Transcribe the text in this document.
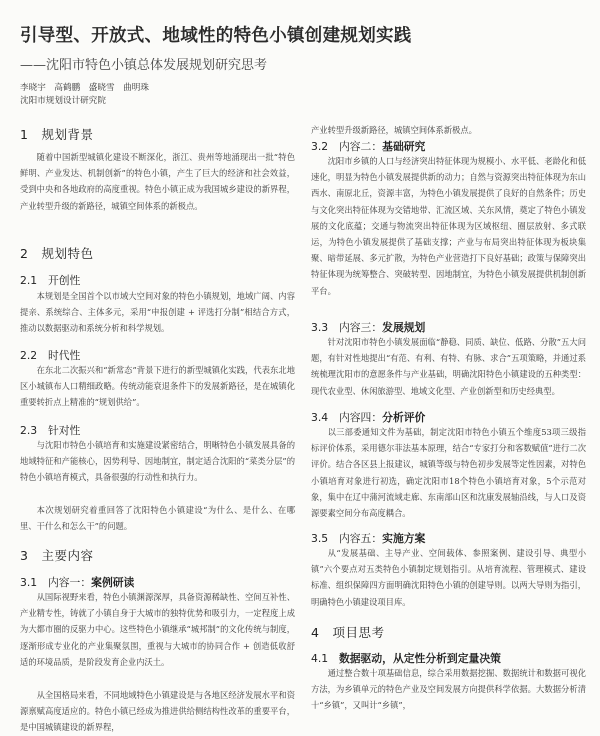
引导型、开放式、地域性的特色小镇创建规划实践
——沈阳市特色小镇总体发展规划研究思考
李晓宇　高鹤鹏　盛晓雪　曲明珠
沈阳市规划设计研究院
1　规划背景
随着中国新型城镇化建设不断深化，浙江、贵州等地涌现出一批“特色鲜明、产业发达、机制创新”的特色小镇，产生了巨大的经济和社会效益，受到中央和各地政府的高度重视。特色小镇正成为我国城乡建设的新界程，产业转型升级的新路径，城镇空间体系的新极点。
2　规划特色
2.1　开创性
本规划是全国首个以市域大空间对象的特色小镇规划，地域广阔、内容提亲、系统综合、主体多元，采用“申报创建 + 评选打分制”相结合方式，推动以数据驱动和系统分析和科学规划。
2.2　时代性
在东北二次振兴和“新常态”背景下进行的新型城镇化实践，代表东北地区小城镇布人口精细政略。传统动能衰退条件下的发展新路径，是在城镇化重要转折点上精准的“规划供给”。
2.3　针对性
与沈阳市特色小镇培育和实施建设紧密结合，明晰特色小镇发展具备的地域特征和产能核心，因势利导、因地制宜，制定适合沈阳的“菜类分层”的特色小镇培育模式，具备很强的行动性和执行力。
本次规划研究着重回答了沈阳特色小镇建设“为什么、是什么、在哪里、干什么和怎么干”的问题。
3　主要内容
3.1　内容一：案例研读
从国际视野来看，特色小镇渊源深厚，具备资源稀缺性、空间互补性、产业精专性，铸就了小镇自身于大城市的独特优势和吸引力，一定程度上成为大都市圈的反驱力中心。这些特色小镇继承“城邦制”的文化传统与制度，逐渐形成专业化的产业集聚氛围，重视与大城市的协同合作 + 创造低收舒适的环境品质，是阶段发育企业内沃土。
从全国格局来看，不同地域特色小镇建设是与各地区经济发展水平和资源禀赋高度适应的。特色小镇已经成为推进供给侧结构性改革的重要平台，是中国城镇建设的新界程，
产业转型升级新路径，城镇空间体系新极点。
3.2　内容二：基础研究
沈阳市乡镇的人口与经济突出特征体现为规模小、水平低、老龄化和低速化，明显为特色小镇发展提供新的动力；自然与资源突出特征体现为东山西水、南原北丘，资源丰富，为特色小镇发展提供了良好的自然条件；历史与文化突出特征体现为交错地带、汇流区域、关东风情，奠定了特色小镇发展的文化底蕴；交通与物流突出特征体现为区域枢纽、圈层放射、多式联运，为特色小镇发展提供了基础支撑；产业与布局突出特征体现为板块集聚、暗带延展、多元扩散，为特色产业营造打下良好基础；政策与保障突出特征体现为统筹整合、突破转型、因地制宜，为特色小镇发展提供机制创新平台。
3.3　内容三：发展规划
针对沈阳市特色小镇发展面临“静稳、同质、缺位、低路、分散”五大问题，有针对性地提出“有范、有利、有特、有脉、求合”五项策略，并通过系统梳理沈阳市的意愿条件与产业基础，明确沈阳特色小镇建设的五种类型：现代农业型、休闲旅游型、地域文化型、产业创新型和历史经典型。
3.4　内容四：分析评价
以三部委通知文件为基础，制定沈阳市特色小镇五个维度53项三级指标评价体系，采用德尔菲法基本原理，结合“专家打分和客数赋值”进行二次评价。结合各区县上报建议，城镇等级与特色初步发展等定性因素，对特色小镇培育对象进行初选，确定沈阳市18个特色小镇培育对象，5个示范对象，集中在辽中蒲河流域走廊、东南部山区和沈康发展轴沿线，与人口及资源要素空间分布高度耦合。
3.5　内容五：实施方案
从“发展基础、主导产业、空间载体、参照案例、建设引导、典型小镇”六个要点对五类特色小镇制定规划指引。从培育流程、管理模式、建设标准、组织保障四方面明确沈阳特色小镇的创建导则。以两大导则为指引，明确特色小镇建设项目库。
4　项目思考
4.1　数据驱动，从定性分析到定量决策
通过整合数十项基础信息，综合采用数据挖掘、数据统计和数据可视化方法，为乡镇单元的特色产业及空间发展方向提供科学依据。大数据分析清十“乡镇”，又叫计“乡镇”，
